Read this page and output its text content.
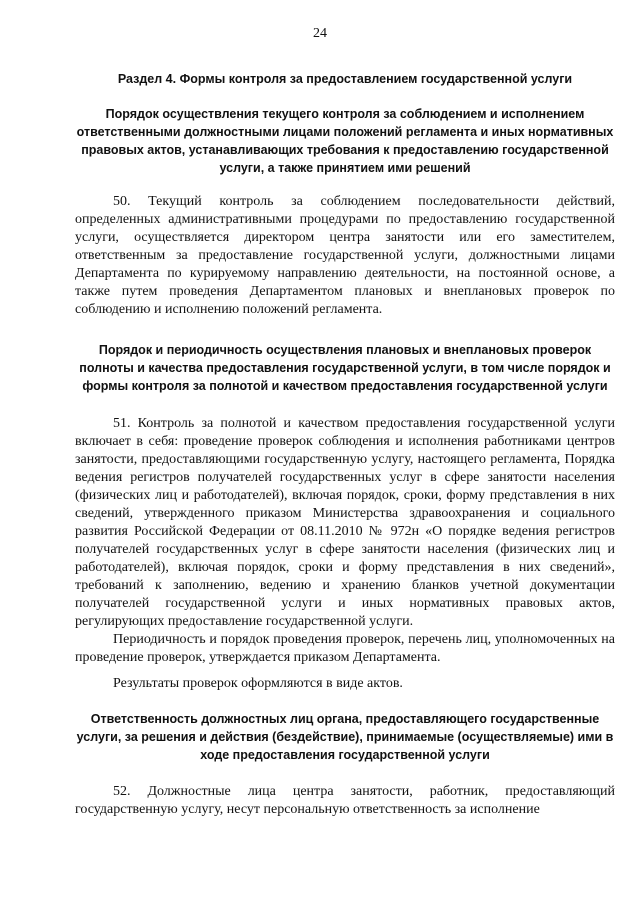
24
Раздел 4. Формы контроля за предоставлением государственной услуги
Порядок осуществления текущего контроля за соблюдением и исполнением ответственными должностными лицами положений регламента и иных нормативных правовых актов, устанавливающих требования к предоставлению государственной услуги, а также принятием ими решений

50. Текущий контроль за соблюдением последовательности действий, определенных административными процедурами по предоставлению государственной услуги, осуществляется директором центра занятости или его заместителем, ответственным за предоставление государственной услуги, должностными лицами Департамента по курируемому направлению деятельности, на постоянной основе, а также путем проведения Департаментом плановых и внеплановых проверок по соблюдению и исполнению положений регламента.

Порядок и периодичность осуществления плановых и внеплановых проверок полноты и качества предоставления государственной услуги, в том числе порядок и формы контроля за полнотой и качеством предоставления государственной услуги

51. Контроль за полнотой и качеством предоставления государственной услуги включает в себя: проведение проверок соблюдения и исполнения работниками центров занятости, предоставляющими государственную услугу, настоящего регламента, Порядка ведения регистров получателей государственных услуг в сфере занятости населения (физических лиц и работодателей), включая порядок, сроки, форму представления в них сведений, утвержденного приказом Министерства здравоохранения и социального развития Российской Федерации от 08.11.2010 № 972н «О порядке ведения регистров получателей государственных услуг в сфере занятости населения (физических лиц и работодателей), включая порядок, сроки и форму представления в них сведений», требований к заполнению, ведению и хранению бланков учетной документации получателей государственной услуги и иных нормативных правовых актов, регулирующих предоставление государственной услуги.

Периодичность и порядок проведения проверок, перечень лиц, уполномоченных на проведение проверок, утверждается приказом Департамента.

Результаты проверок оформляются в виде актов.

Ответственность должностных лиц органа, предоставляющего государственные услуги, за решения и действия (бездействие), принимаемые (осуществляемые) ими в ходе предоставления государственной услуги

52. Должностные лица центра занятости, работник, предоставляющий государственную услугу, несут персональную ответственность за исполнение
